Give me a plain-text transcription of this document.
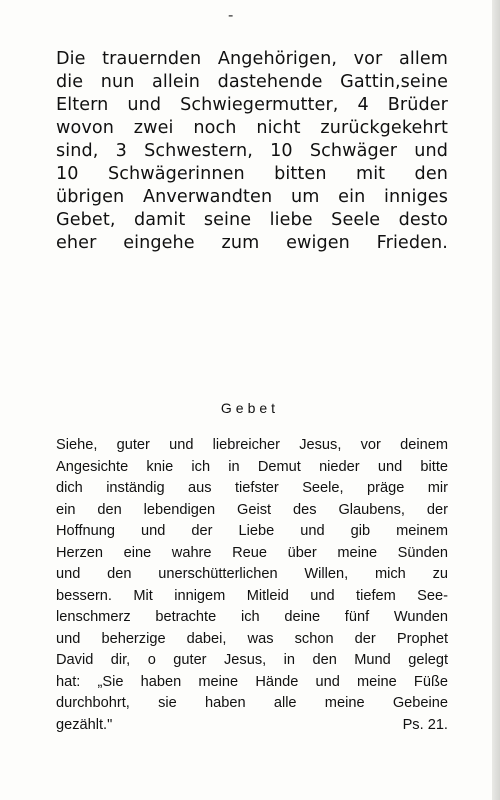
-
Die trauernden Angehörigen, vor allem
die nun allein dastehende Gattin,seine
Eltern und Schwiegermutter, 4 Brüder
wovon zwei noch nicht zurückgekehrt
sind, 3 Schwestern, 10 Schwäger und
10 Schwägerinnen bitten mit den
übrigen Anverwandten um ein inniges
Gebet, damit seine liebe Seele desto
eher eingehe zum ewigen Frieden.
Gebet
Siehe, guter und liebreicher Jesus, vor deinem
Angesichte knie ich in Demut nieder und bitte
dich inständig aus tiefster Seele, präge mir
ein den lebendigen Geist des Glaubens, der
Hoffnung und der Liebe und gib meinem
Herzen eine wahre Reue über meine Sünden
und den unerschütterlichen Willen, mich zu
bessern. Mit innigem Mitleid und tiefem See-
lenschmerz betrachte ich deine fünf Wunden
und beherzige dabei, was schon der Prophet
David dir, o guter Jesus, in den Mund gelegt
hat: „Sie haben meine Hände und meine Füße
durchbohrt, sie haben alle meine Gebeine
gezählt."	Ps. 21.
